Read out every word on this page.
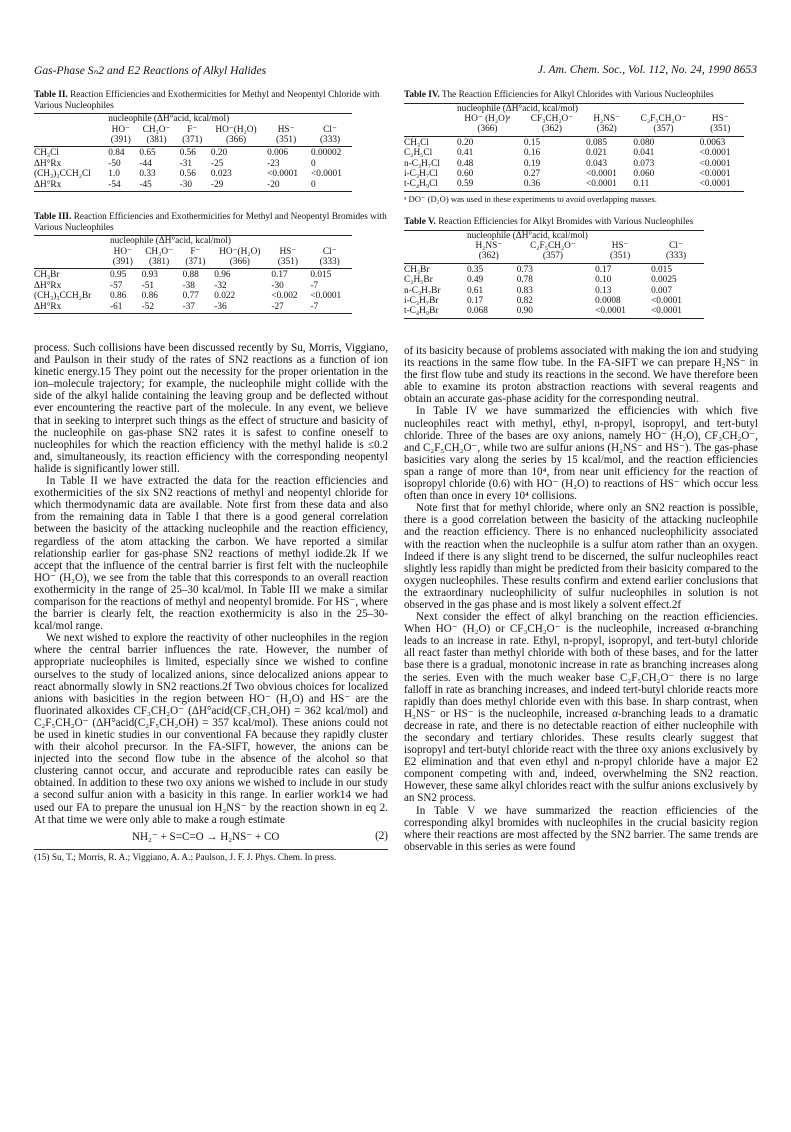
Gas-Phase Sₙ​2 and E2 Reactions of Alkyl Halides	J. Am. Chem. Soc., Vol. 112, No. 24, 1990 8653

Table II. Reaction Efficiencies and Exothermicities for Methyl and Neopentyl Chloride with Various Nucleophiles

	nucleophile (ΔH°acid, kcal/mol)					
	HO⁻	CH₃O⁻	F⁻	HO⁻(H₂O)	HS⁻	Cl⁻
	(391)	(381)	(371)	(366)	(351)	(333)
CH₃Cl	0.84	0.65	0.56	0.20	0.006	0.00002
ΔH°Rx	-50	-44	-31	-25	-23	0
(CH₃)₃CCH₂Cl	1.0	0.33	0.56	0.023	<0.0001	<0.0001
ΔH°Rx	-54	-45	-30	-29	-20	0

Table III. Reaction Efficiencies and Exothermicities for Methyl and Neopentyl Bromides with Various Nucleophiles

	nucleophile (ΔH°acid, kcal/mol)					
	HO⁻	CH₃O⁻	F⁻	HO⁻(H₂O)	HS⁻	Cl⁻
	(391)	(381)	(371)	(366)	(351)	(333)
CH₃Br	0.95	0.93	0.88	0.96	0.17	0.015
ΔH°Rx	-57	-51	-38	-32	-30	-7
(CH₃)₃CCH₂Br	0.86	0.86	0.77	0.022	<0.002	<0.0001
ΔH°Rx	-61	-52	-37	-36	-27	-7

process. Such collisions have been discussed recently by Su, Morris, Viggiano, and Paulson in their study of the rates of SN2 reactions as a function of ion kinetic energy.15 They point out the necessity for the proper orientation in the ion–molecule trajectory; for example, the nucleophile might collide with the side of the alkyl halide containing the leaving group and be deflected without ever encountering the reactive part of the molecule. In any event, we believe that in seeking to interpret such things as the effect of structure and basicity of the nucleophile on gas-phase SN2 rates it is safest to confine oneself to nucleophiles for which the reaction efficiency with the methyl halide is ≤0.2 and, simultaneously, its reaction efficiency with the corresponding neopentyl halide is significantly lower still.

In Table II we have extracted the data for the reaction efficiencies and exothermicities of the six SN2 reactions of methyl and neopentyl chloride for which thermodynamic data are available. Note first from these data and also from the remaining data in Table I that there is a good general correlation between the basicity of the attacking nucleophile and the reaction efficiency, regardless of the atom attacking the carbon. We have reported a similar relationship earlier for gas-phase SN2 reactions of methyl iodide.2k If we accept that the influence of the central barrier is first felt with the nucleophile HO⁻ (H₂O), we see from the table that this corresponds to an overall reaction exothermicity in the range of 25–30 kcal/mol. In Table III we make a similar comparison for the reactions of methyl and neopentyl bromide. For HS⁻, where the barrier is clearly felt, the reaction exothermicity is also in the 25–30-kcal/mol range.

We next wished to explore the reactivity of other nucleophiles in the region where the central barrier influences the rate. However, the number of appropriate nucleophiles is limited, especially since we wished to confine ourselves to the study of localized anions, since delocalized anions appear to react abnormally slowly in SN2 reactions.2f Two obvious choices for localized anions with basicities in the region between HO⁻ (H₂O) and HS⁻ are the fluorinated alkoxides CF₃CH₂O⁻ (ΔH°acid(CF₃CH₂OH) = 362 kcal/mol) and C₂F₅CH₂O⁻ (ΔH°acid(C₂F₅CH₂OH) = 357 kcal/mol). These anions could not be used in kinetic studies in our conventional FA because they rapidly cluster with their alcohol precursor. In the FA-SIFT, however, the anions can be injected into the second flow tube in the absence of the alcohol so that clustering cannot occur, and accurate and reproducible rates can easily be obtained. In addition to these two oxy anions we wished to include in our study a second sulfur anion with a basicity in this range. In earlier work14 we had used our FA to prepare the unusual ion H₂NS⁻ by the reaction shown in eq 2. At that time we were only able to make a rough estimate

NH₂⁻ + S=C=O → H₂NS⁻ + CO	(2)
(15) Su, T.; Morris, R. A.; Viggiano, A. A.; Paulson, J. F. J. Phys. Chem. In press.

Table IV. The Reaction Efficiencies for Alkyl Chlorides with Various Nucleophiles

	nucleophile (ΔH°acid, kcal/mol)				
	HO⁻ (H₂O)ᵃ	CF₃CH₂O⁻	H₂NS⁻	C₂F₅CH₂O⁻	HS⁻
	(366)	(362)	(362)	(357)	(351)
CH₃Cl	0.20	0.15	0.085	0.080	0.0063
C₂H₅Cl	0.41	0.16	0.021	0.041	<0.0001
n-C₃H₇Cl	0.48	0.19	0.043	0.073	<0.0001
i-C₃H₇Cl	0.60	0.27	<0.0001	0.060	<0.0001
t-C₄H₉Cl	0.59	0.36	<0.0001	0.11	<0.0001

ᵃ DO⁻ (D₂O) was used in these experiments to avoid overlapping masses.

Table V. Reaction Efficiencies for Alkyl Bromides with Various Nucleophiles

	nucleophile (ΔH°acid, kcal/mol)			
	H₂NS⁻	C₂F₅CH₂O⁻	HS⁻	Cl⁻
	(362)	(357)	(351)	(333)
CH₃Br	0.35	0.73	0.17	0.015
C₂H₅Br	0.49	0.78	0.10	0.0025
n-C₃H₇Br	0.61	0.83	0.13	0.007
i-C₃H₇Br	0.17	0.82	0.0008	<0.0001
t-C₄H₉Br	0.068	0.90	<0.0001	<0.0001

of its basicity because of problems associated with making the ion and studying its reactions in the same flow tube. In the FA-SIFT we can prepare H₂NS⁻ in the first flow tube and study its reactions in the second. We have therefore been able to examine its proton abstraction reactions with several reagents and obtain an accurate gas-phase acidity for the corresponding neutral.

In Table IV we have summarized the efficiencies with which five nucleophiles react with methyl, ethyl, n-propyl, isopropyl, and tert-butyl chloride. Three of the bases are oxy anions, namely HO⁻ (H₂O), CF₃CH₂O⁻, and C₂F₅CH₂O⁻, while two are sulfur anions (H₂NS⁻ and HS⁻). The gas-phase basicities vary along the series by 15 kcal/mol, and the reaction efficiencies span a range of more than 10⁴, from near unit efficiency for the reaction of isopropyl chloride (0.6) with HO⁻ (H₂O) to reactions of HS⁻ which occur less often than once in every 10⁴ collisions.

Note first that for methyl chloride, where only an SN2 reaction is possible, there is a good correlation between the basicity of the attacking nucleophile and the reaction efficiency. There is no enhanced nucleophilicity associated with the reaction when the nucleophile is a sulfur atom rather than an oxygen. Indeed if there is any slight trend to be discerned, the sulfur nucleophiles react slightly less rapidly than might be predicted from their basicity compared to the oxygen nucleophiles. These results confirm and extend earlier conclusions that the extraordinary nucleophilicity of sulfur nucleophiles in solution is not observed in the gas phase and is most likely a solvent effect.2f

Next consider the effect of alkyl branching on the reaction efficiencies. When HO⁻ (H₂O) or CF₃CH₂O⁻ is the nucleophile, increased α-branching leads to an increase in rate. Ethyl, n-propyl, isopropyl, and tert-butyl chloride all react faster than methyl chloride with both of these bases, and for the latter base there is a gradual, monotonic increase in rate as branching increases along the series. Even with the much weaker base C₂F₅CH₂O⁻ there is no large falloff in rate as branching increases, and indeed tert-butyl chloride reacts more rapidly than does methyl chloride even with this base. In sharp contrast, when H₂NS⁻ or HS⁻ is the nucleophile, increased α-branching leads to a dramatic decrease in rate, and there is no detectable reaction of either nucleophile with the secondary and tertiary chlorides. These results clearly suggest that isopropyl and tert-butyl chloride react with the three oxy anions exclusively by E2 elimination and that even ethyl and n-propyl chloride have a major E2 component competing with and, indeed, overwhelming the SN2 reaction. However, these same alkyl chlorides react with the sulfur anions exclusively by an SN2 process.

In Table V we have summarized the reaction efficiencies of the corresponding alkyl bromides with nucleophiles in the crucial basicity region where their reactions are most affected by the SN2 barrier. The same trends are observable in this series as were found
